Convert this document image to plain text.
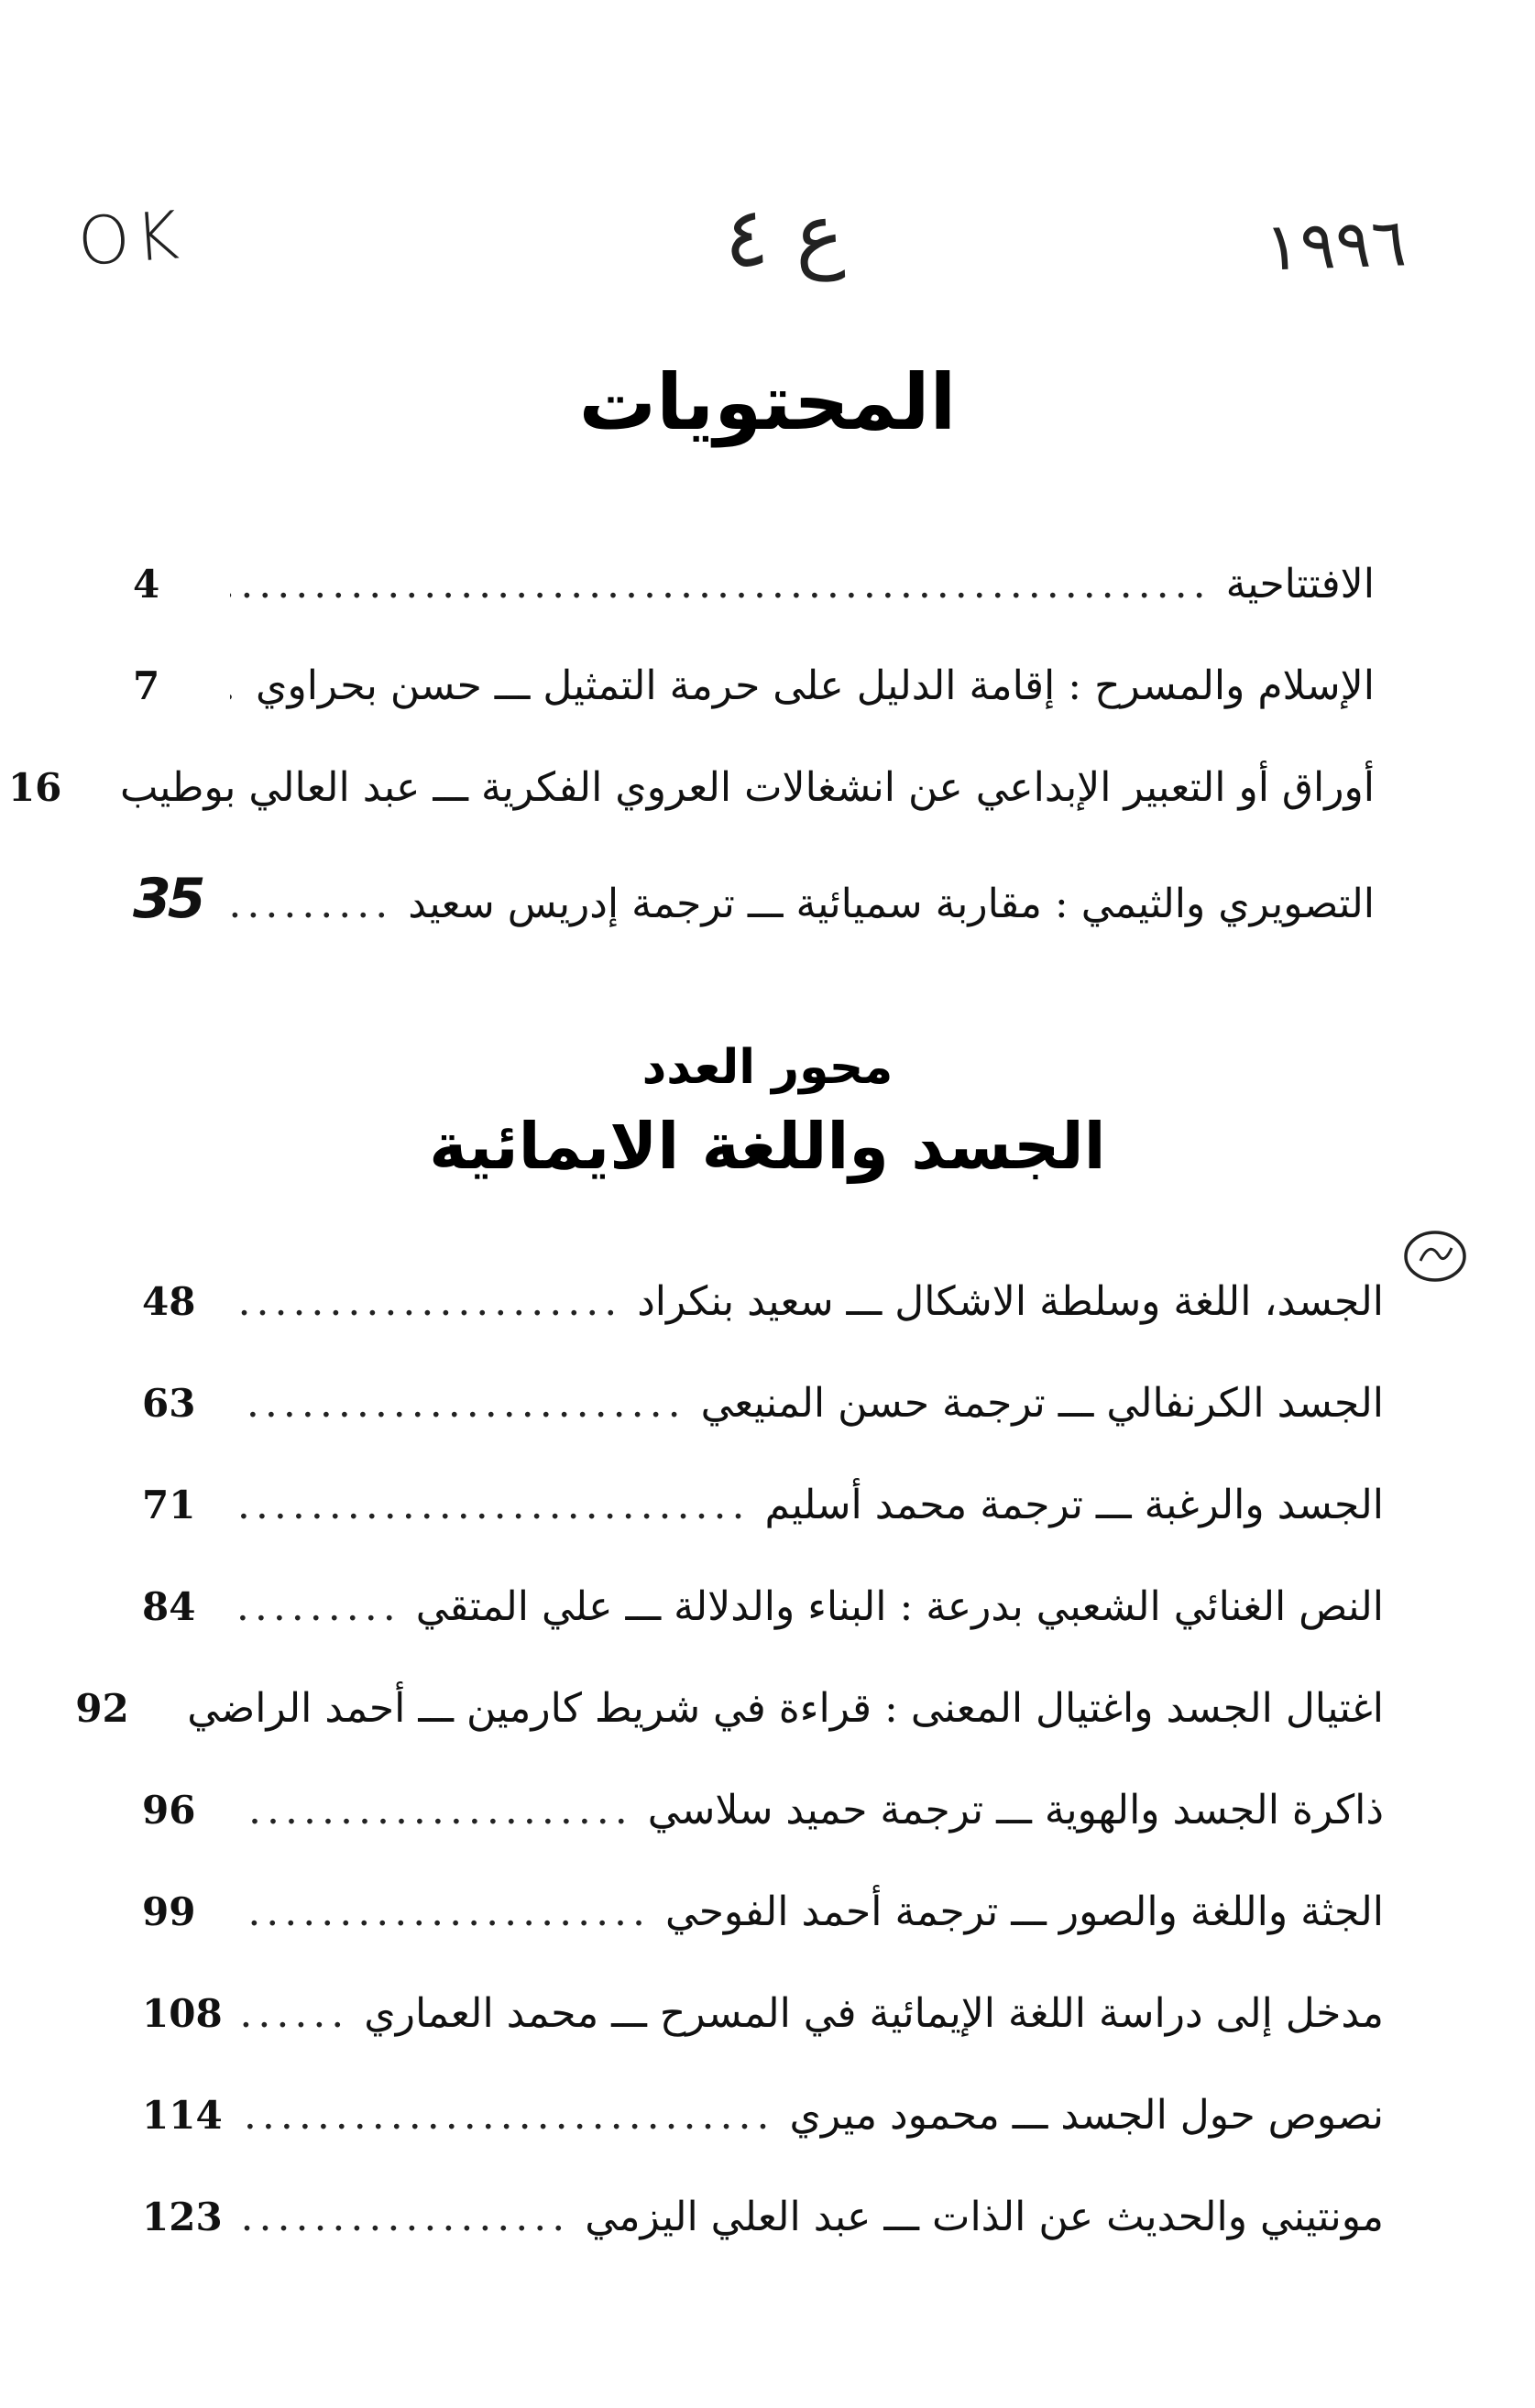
OK	ع ٤	١٩٩٦
المحتويات
الافتتاحية
.....
4
الإسلام والمسرح : إقامة الدليل على حرمة التمثيل ـــ حسن بحراوي
.....
7
أوراق أو التعبير الإبداعي عن انشغالات العروي الفكرية ـــ عبد العالي بوطيب
16
التصويري والثيمي : مقاربة سميائية ـــ ترجمة إدريس سعيد
.....
35
محور العدد
الجسد واللغة الايمائية
الجسد، اللغة وسلطة الاشكال ـــ سعيد بنكراد
.....
48
الجسد الكرنفالي ـــ ترجمة حسن المنيعي
.....
63
الجسد والرغبة ـــ ترجمة محمد أسليم
.....
71
النص الغنائي الشعبي بدرعة : البناء والدلالة ـــ علي المتقي
.....
84
اغتيال الجسد واغتيال المعنى : قراءة في شريط كارمين ـــ أحمد الراضي
92
ذاكرة الجسد والهوية ـــ ترجمة حميد سلاسي
.....
96
الجثة واللغة والصور ـــ ترجمة أحمد الفوحي
.....
99
مدخل إلى دراسة اللغة الإيمائية في المسرح ـــ محمد العماري
.....
108
نصوص حول الجسد ـــ محمود ميري
.....
114
مونتيني والحديث عن الذات ـــ عبد العلي اليزمي
.....
123
